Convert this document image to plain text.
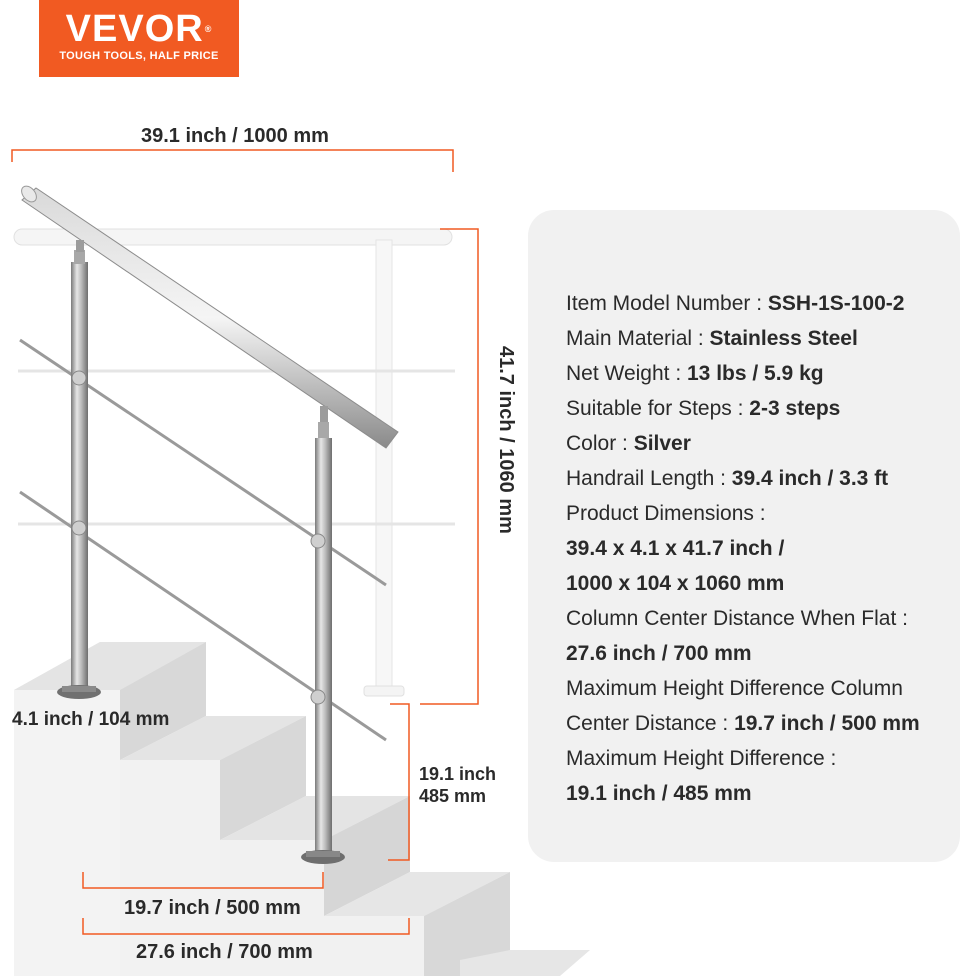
VEVOR®
TOUGH TOOLS, HALF PRICE
39.1 inch / 1000 mm
41.7 inch / 1060 mm
4.1 inch / 104 mm
19.1 inch
485 mm
19.7 inch / 500 mm
27.6 inch / 700 mm
Item Model Number : SSH-1S-100-2
Main Material : Stainless Steel
Net Weight : 13 lbs / 5.9 kg
Suitable for Steps : 2-3 steps
Color : Silver
Handrail Length : 39.4 inch / 3.3 ft
Product Dimensions :
39.4 x 4.1 x 41.7 inch /
1000 x 104 x 1060 mm
Column Center Distance When Flat :
27.6 inch / 700 mm
Maximum Height Difference Column
Center Distance : 19.7 inch / 500 mm
Maximum Height Difference :
19.1 inch / 485 mm
